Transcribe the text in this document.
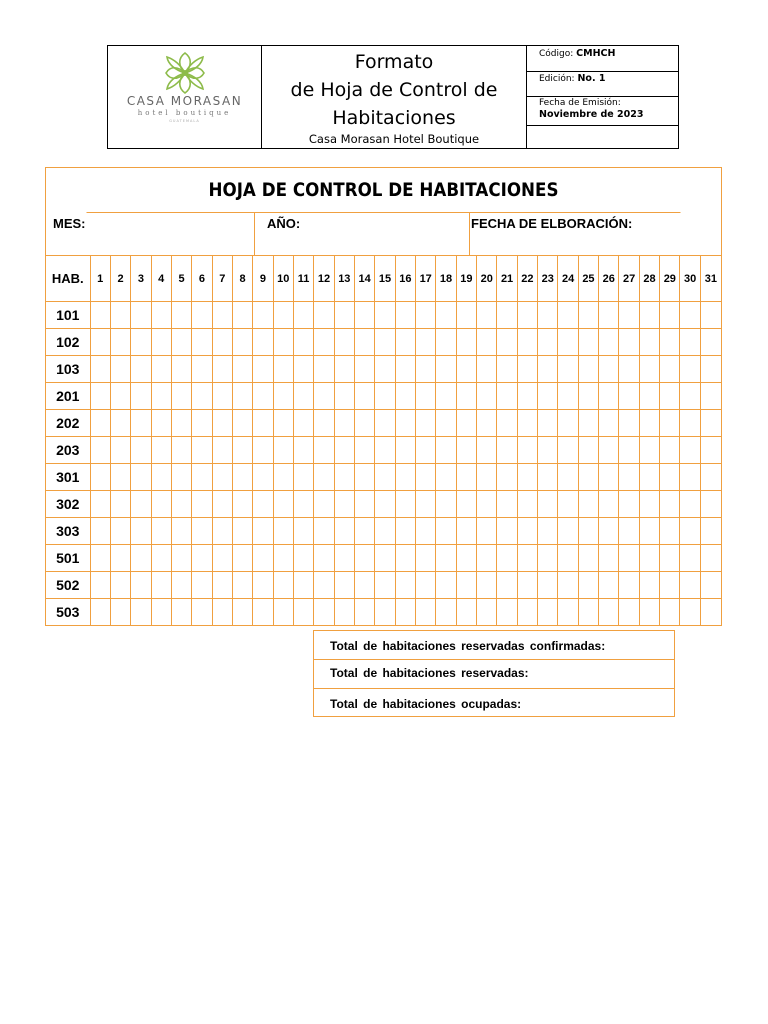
CASA MORASAN
hotel boutique
GUATEMALA
Formato
de Hoja de Control de
Habitaciones
Casa Morasan Hotel Boutique
Código: CMHCH
Edición: No. 1
Fecha de Emisión:
Noviembre de 2023
HOJA DE CONTROL DE HABITACIONES
MES:	AÑO:	FECHA DE ELBORACIÓN:
HAB.	1	2	3	4	5	6	7	8	9	10	11	12	13	14	15	16	17	18	19	20	21	22	23	24	25	26	27	28	29	30	31
101																															
102																															
103																															
201																															
202																															
203																															
301																															
302																															
303																															
501																															
502																															
503																															
Total de habitaciones reservadas confirmadas:
Total de habitaciones reservadas:
Total de habitaciones ocupadas:
